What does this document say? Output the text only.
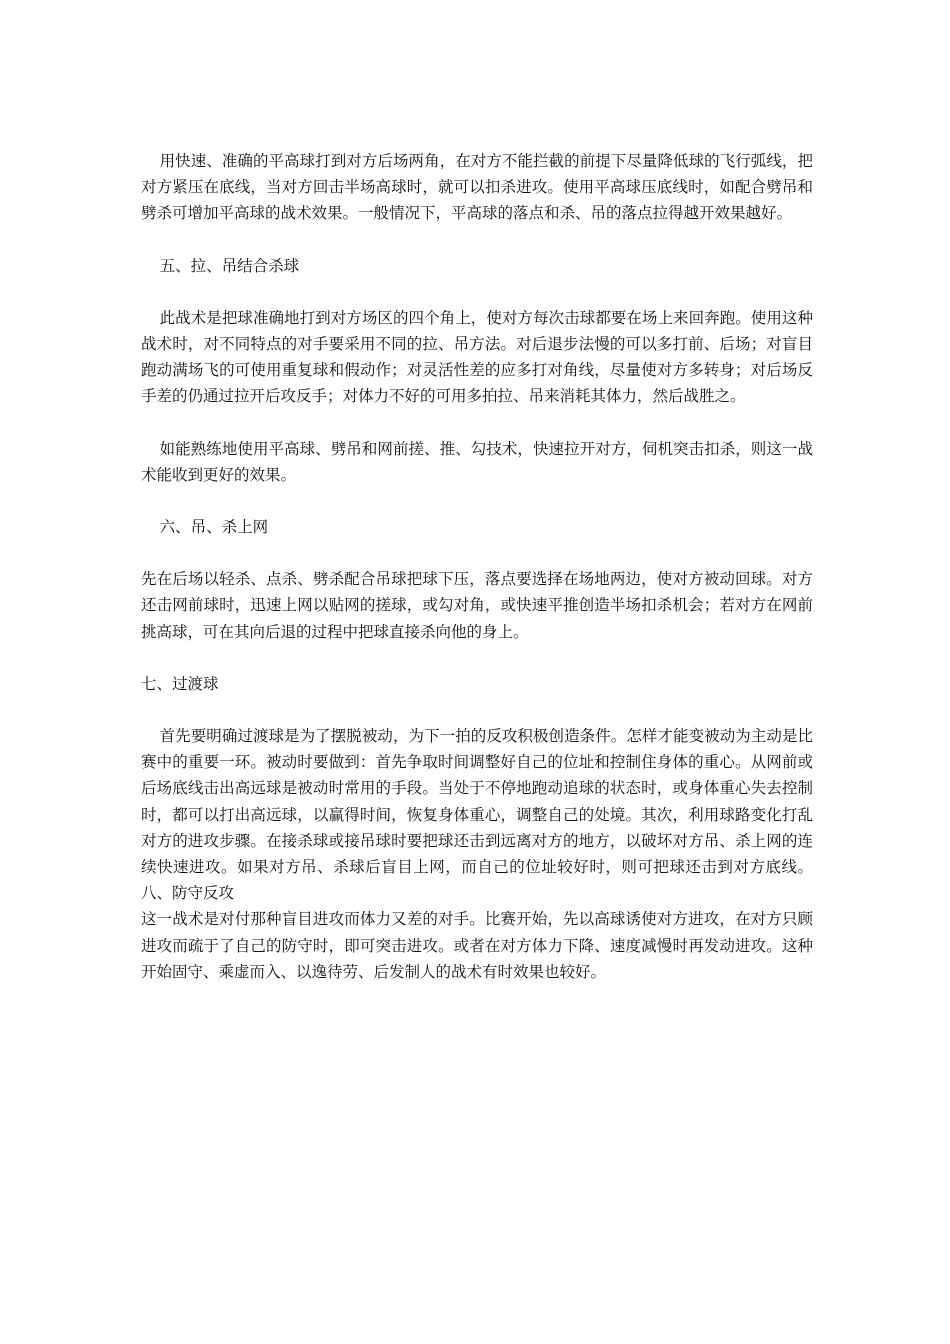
用快速、准确的平高球打到对方后场两角，在对方不能拦截的前提下尽量降低球的飞行弧线，把对方紧压在底线，当对方回击半场高球时，就可以扣杀进攻。使用平高球压底线时，如配合劈吊和劈杀可增加平高球的战术效果。一般情况下，平高球的落点和杀、吊的落点拉得越开效果越好。

五、拉、吊结合杀球

此战术是把球准确地打到对方场区的四个角上，使对方每次击球都要在场上来回奔跑。使用这种战术时，对不同特点的对手要采用不同的拉、吊方法。对后退步法慢的可以多打前、后场；对盲目跑动满场飞的可使用重复球和假动作；对灵活性差的应多打对角线，尽量使对方多转身；对后场反手差的仍通过拉开后攻反手；对体力不好的可用多拍拉、吊来消耗其体力，然后战胜之。

如能熟练地使用平高球、劈吊和网前搓、推、勾技术，快速拉开对方，伺机突击扣杀，则这一战术能收到更好的效果。

六、吊、杀上网

先在后场以轻杀、点杀、劈杀配合吊球把球下压，落点要选择在场地两边，使对方被动回球。对方还击网前球时，迅速上网以贴网的搓球，或勾对角，或快速平推创造半场扣杀机会；若对方在网前挑高球，可在其向后退的过程中把球直接杀向他的身上。

七、过渡球

首先要明确过渡球是为了摆脱被动，为下一拍的反攻积极创造条件。怎样才能变被动为主动是比赛中的重要一环。被动时要做到：首先争取时间调整好自己的位址和控制住身体的重心。从网前或后场底线击出高远球是被动时常用的手段。当处于不停地跑动追球的状态时，或身体重心失去控制时，都可以打出高远球，以赢得时间，恢复身体重心，调整自己的处境。其次，利用球路变化打乱对方的进攻步骤。在接杀球或接吊球时要把球还击到远离对方的地方，以破坏对方吊、杀上网的连续快速进攻。如果对方吊、杀球后盲目上网，而自己的位址较好时，则可把球还击到对方底线。 八、防守反攻

这一战术是对付那种盲目进攻而体力又差的对手。比赛开始，先以高球诱使对方进攻，在对方只顾进攻而疏于了自己的防守时，即可突击进攻。或者在对方体力下降、速度减慢时再发动进攻。这种开始固守、乘虚而入、以逸待劳、后发制人的战术有时效果也较好。
